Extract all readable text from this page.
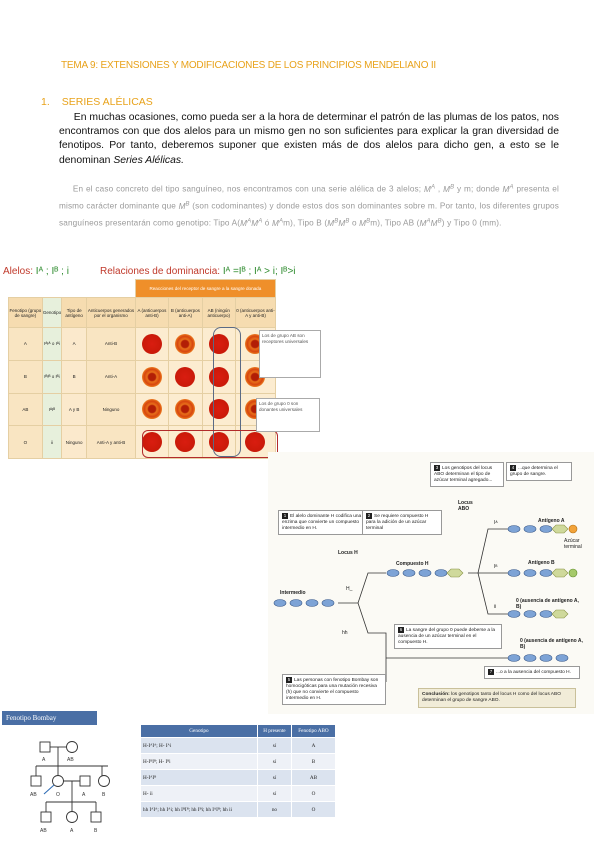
TEMA 9: EXTENSIONES Y MODIFICACIONES DE LOS PRINCIPIOS MENDELIANO II
1. SERIES ALÉLICAS
En muchas ocasiones, como pueda ser a la hora de determinar el patrón de las plumas de los patos, nos encontramos con que dos alelos para un mismo gen no son suficientes para explicar la gran diversidad de fenotipos. Por tanto, deberemos suponer que existen más de dos alelos para dicho gen, a esto se le denominan Series Alélicas.
En el caso concreto del tipo sanguíneo, nos encontramos con una serie alélica de 3 alelos; $M^A$ , $M^B$ y m; donde $M^A$ presenta el mismo carácter dominante que $M^B$ (son codominantes) y donde estos dos son dominantes sobre m. Por tanto, los diferentes grupos sanguíneos presentarán como genotipo: Tipo $A(M^AM^A$ ó $M^Am$), Tipo B ($M^BM^B$ o $M^Bm$), Tipo AB $(M^AM^B)$ y Tipo 0 (mm).
Alelos: Iᴬ ; Iᴮ ; i	Relaciones de dominancia: Iᴬ =Iᴮ ; Iᴬ > i; Iᴮ>i
				Reacciones del receptor de sangre a la sangre donada			
Fenotipo (grupo de sangre)	Genotipo	Tipo de antígeno	Anticuerpos generados por el organismo	A (anticuerpos anti-B)	B (anticuerpos anti-A)	AB (ningún anticuerpo)	0 (anticuerpos anti-A y anti-B)
A	IᴬIᴬ o Iᴬi	A	Anti-B	

B	IᴮIᴮ o Iᴮi	B	Anti-A	

AB	IᴬIᴮ	A y B	Ninguno	

O	ii	Ninguno	Anti-A y anti-B	

Los de grupo AB son receptores universales
Los de grupo 0 son donantes universales
1 El alelo dominante H codifica una enzima que convierte un compuesto intermedio en H.
2 Se requiere compuesto H para la adición de un azúcar terminal
3 Los genotipos del locus ABO determinan el tipo de azúcar terminal agregado...
4 ...que determina el grupo de sangre.
5 Las personas con fenotipo Bombay son homocigóticas para una mutación recesiva (h) que no convierte el compuesto intermedio en H.
6 La sangre del grupo 0 puede deberse a la ausencia de un azúcar terminal en el compuesto H.
7 ...o a la ausencia del compuesto H.
Conclusión: los genotipos tanto del locus H como del locus ABO determinan el grupo de sangre ABO.
Locus H
Locus ABO
Intermedio
Compuesto H
Antígeno A
Antígeno B
Azúcar terminal
0 (ausencia de antígeno A, B)
0 (ausencia de antígeno A, B)
H_
hh
Iᴬ
Iᴮ
ii
Fenotipo Bombay
A	AB
AB	O	A	B
AB	A	B
Genotipo	H presente	Fenotipo ABO
H-IᴬIᴬ; H- Iᴬi	sí	A
H-IᴮIᴮ; H- Iᴮi	sí	B
H-IᴬIᴮ	sí	AB
H- ii	sí	O
hh IᴬIᴬ; hh Iᴬi; hh IᴮIᴮ; hh Iᴮi; hh IᴬIᴮ; hh ii	no	O
